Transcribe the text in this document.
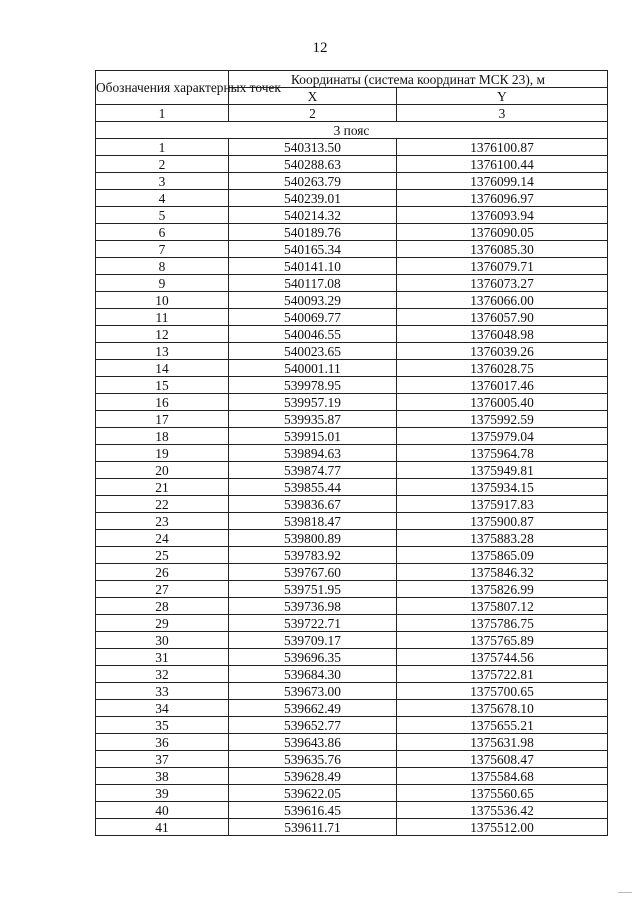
12
Обозначения характерных точек	Координаты (система координат МСК 23), м	
	X	Y
1	2	3
3 пояс		
1	540313.50	1376100.87
2	540288.63	1376100.44
3	540263.79	1376099.14
4	540239.01	1376096.97
5	540214.32	1376093.94
6	540189.76	1376090.05
7	540165.34	1376085.30
8	540141.10	1376079.71
9	540117.08	1376073.27
10	540093.29	1376066.00
11	540069.77	1376057.90
12	540046.55	1376048.98
13	540023.65	1376039.26
14	540001.11	1376028.75
15	539978.95	1376017.46
16	539957.19	1376005.40
17	539935.87	1375992.59
18	539915.01	1375979.04
19	539894.63	1375964.78
20	539874.77	1375949.81
21	539855.44	1375934.15
22	539836.67	1375917.83
23	539818.47	1375900.87
24	539800.89	1375883.28
25	539783.92	1375865.09
26	539767.60	1375846.32
27	539751.95	1375826.99
28	539736.98	1375807.12
29	539722.71	1375786.75
30	539709.17	1375765.89
31	539696.35	1375744.56
32	539684.30	1375722.81
33	539673.00	1375700.65
34	539662.49	1375678.10
35	539652.77	1375655.21
36	539643.86	1375631.98
37	539635.76	1375608.47
38	539628.49	1375584.68
39	539622.05	1375560.65
40	539616.45	1375536.42
41	539611.71	1375512.00
